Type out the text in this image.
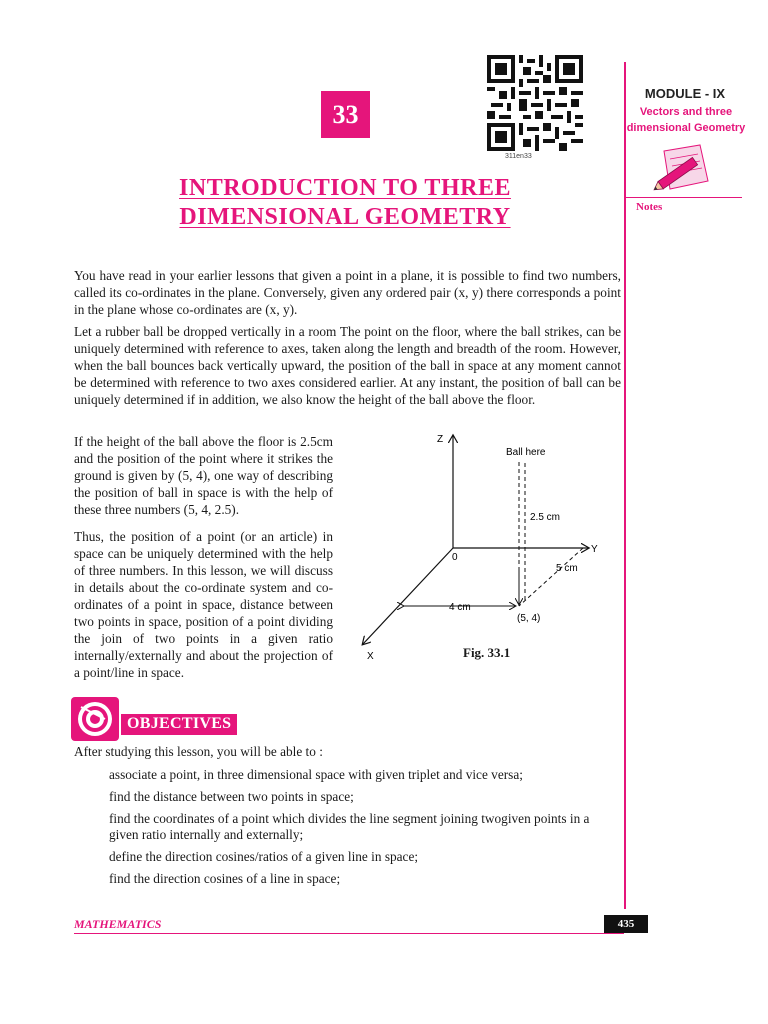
33
311en33
MODULE - IX
Vectors and three
dimensional Geometry
Notes
INTRODUCTION TO THREE
DIMENSIONAL GEOMETRY

You have read in your earlier lessons that given a point in a plane, it is possible to find two numbers, called its co-ordinates in the plane. Conversely, given any ordered pair (x, y) there corresponds a point in the plane whose co-ordinates are (x, y).

Let a rubber ball be dropped vertically in a room The point on the floor, where the ball strikes, can be uniquely determined with reference to axes, taken along the length and breadth of the room. However, when the ball bounces back vertically upward, the position of the ball in space at any moment cannot be determined with reference to two axes considered earlier. At any instant, the position of ball can be uniquely determined if in addition, we also know the height of the ball above the floor.

If the height of the ball above the floor is 2.5cm and the position of the point where it strikes the ground is given by (5, 4), one way of describing the position of ball in space is with the help of these three numbers (5, 4, 2.5).

Thus, the position of a point (or an article) in space can be uniquely determined with the help of three numbers. In this lesson, we will discuss in details about the co-ordinate system and co-ordinates of a point in space, distance between two points in space, position of a point dividing the join of two points in a given ratio internally/externally and about the projection of a point/line in space.

Z
Y
X
0
Ball here
2.5 cm
5 cm
4 cm
(5, 4)
Fig. 33.1
OBJECTIVES
After studying this lesson, you will be able to :
associate a point, in three dimensional space with given triplet and vice versa;
find the distance between two points in space;
find the coordinates of a point which divides the line segment joining twogiven points in a given ratio internally and externally;
define the direction cosines/ratios of a given line in space;
find the direction cosines of a line in space;
MATHEMATICS	435
